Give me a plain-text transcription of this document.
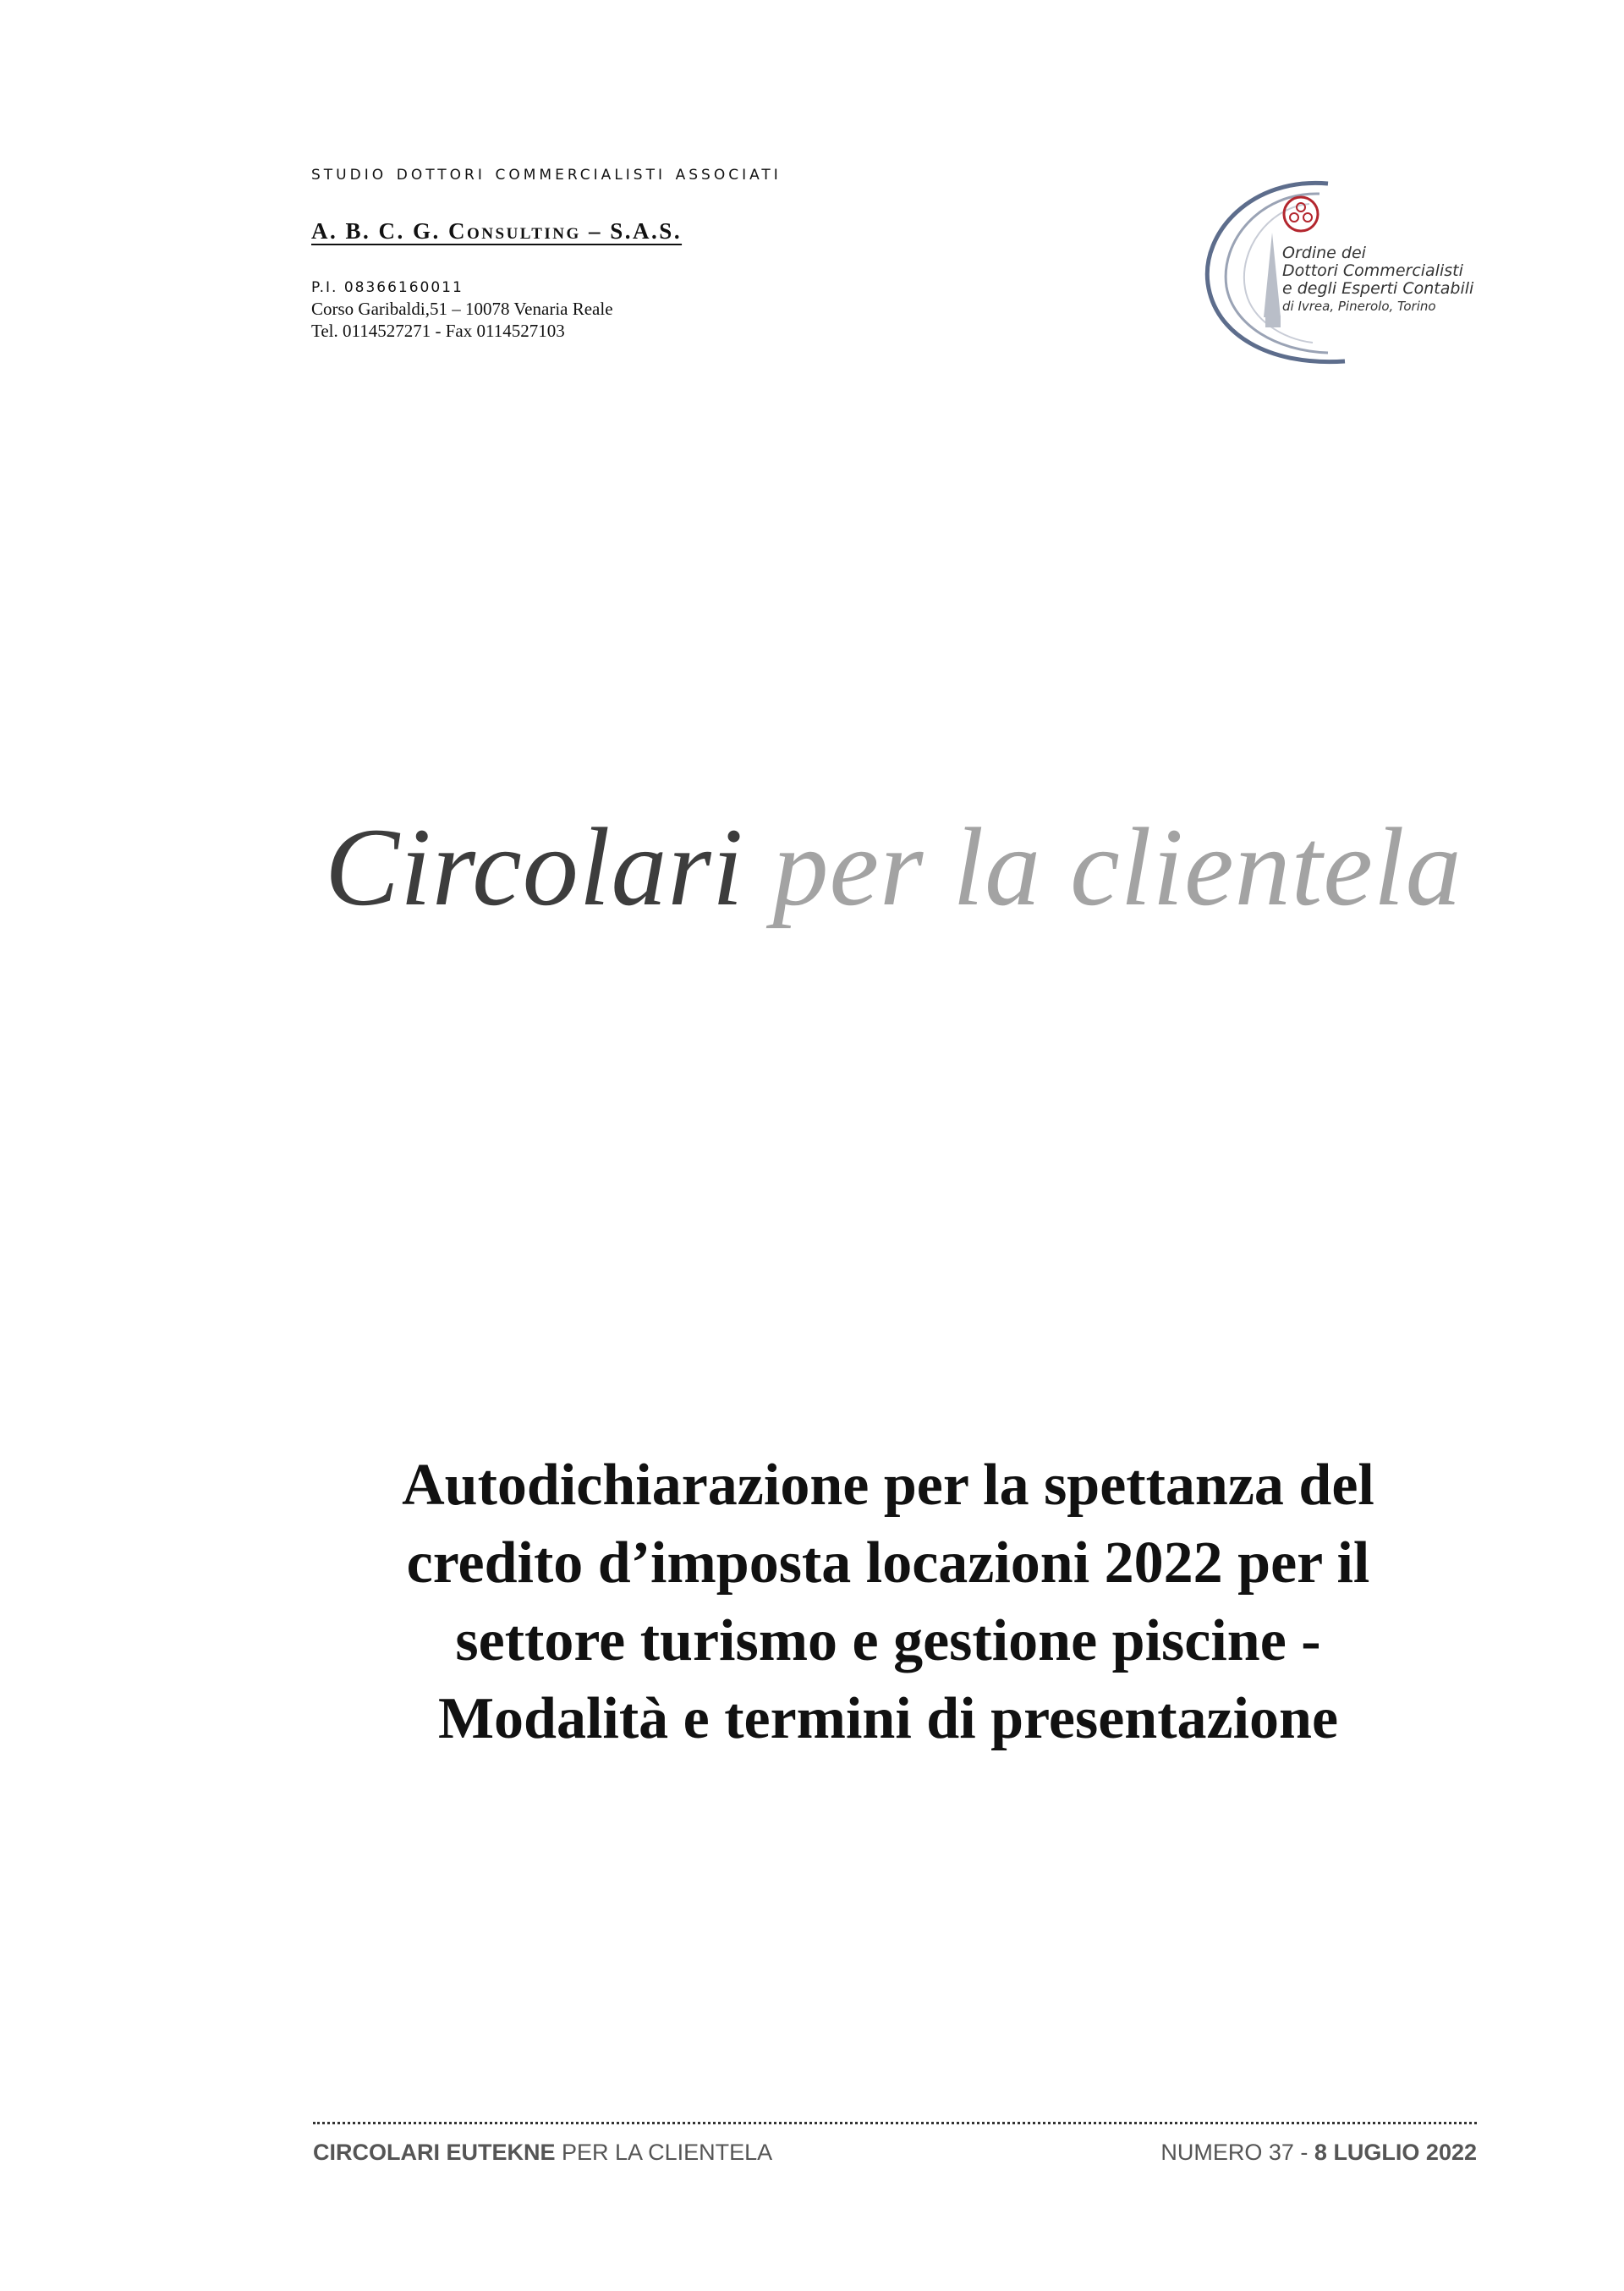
studio dottori commercialisti associati

A. B. C. G. Consulting – S.A.S.
P.I. 08366160011
Corso Garibaldi,51 – 10078 Venaria Reale
Tel. 0114527271 - Fax 0114527103
Ordine dei
Dottori Commercialisti
e degli Esperti Contabili
di Ivrea, Pinerolo, Torino
Circolari per la clientela
Autodichiarazione per la spettanza del
credito d’imposta locazioni 2022 per il
settore turismo e gestione piscine -
Modalità e termini di presentazione
CIRCOLARI EUTEKNE PER LA CLIENTELA	NUMERO 37 - 8 LUGLIO 2022
